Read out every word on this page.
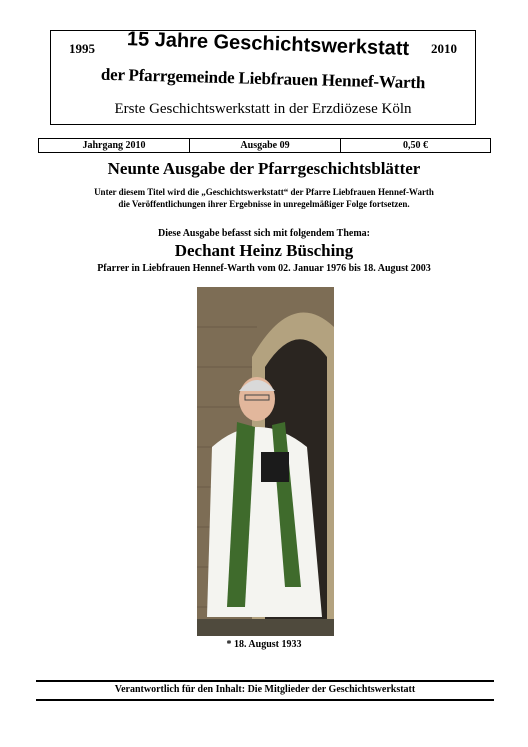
1995	2010
15 Jahre Geschichtswerkstatt
der Pfarrgemeinde Liebfrauen Hennef-Warth
Erste Geschichtswerkstatt in der Erzdiözese Köln
Jahrgang 2010	Ausgabe 09	0,50 €
Neunte Ausgabe der Pfarrgeschichtsblätter
Unter diesem Titel wird die „Geschichtswerkstatt“ der Pfarre Liebfrauen Hennef-Warth
die Veröffentlichungen ihrer Ergebnisse in unregelmäßiger Folge fortsetzen.
Diese Ausgabe befasst sich mit folgendem Thema:
Dechant Heinz Büsching
Pfarrer in Liebfrauen Hennef-Warth vom 02. Januar 1976 bis 18. August 2003
* 18. August 1933
Verantwortlich für den Inhalt: Die Mitglieder der Geschichtswerkstatt
